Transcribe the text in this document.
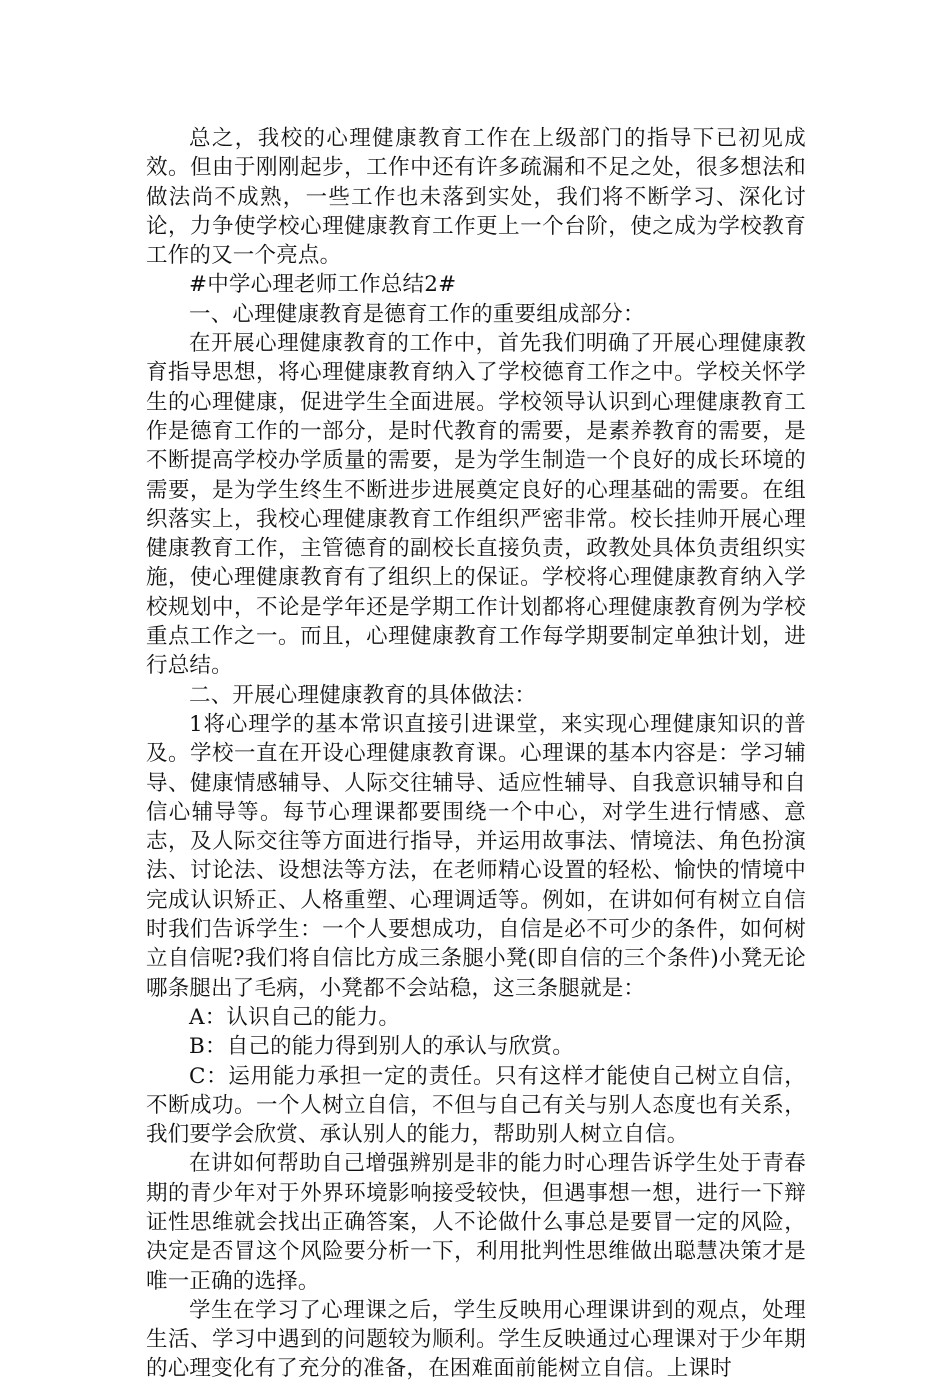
总之，我校的心理健康教育工作在上级部门的指导下已初见成效。但由于刚刚起步，工作中还有许多疏漏和不足之处，很多想法和做法尚不成熟，一些工作也未落到实处，我们将不断学习、深化讨论，力争使学校心理健康教育工作更上一个台阶，使之成为学校教育工作的又一个亮点。

#中学心理老师工作总结2#

一、心理健康教育是德育工作的重要组成部分：

在开展心理健康教育的工作中，首先我们明确了开展心理健康教育指导思想，将心理健康教育纳入了学校德育工作之中。学校关怀学生的心理健康，促进学生全面进展。学校领导认识到心理健康教育工作是德育工作的一部分，是时代教育的需要，是素养教育的需要，是不断提高学校办学质量的需要，是为学生制造一个良好的成长环境的需要，是为学生终生不断进步进展奠定良好的心理基础的需要。在组织落实上，我校心理健康教育工作组织严密非常。校长挂帅开展心理健康教育工作，主管德育的副校长直接负责，政教处具体负责组织实施，使心理健康教育有了组织上的保证。学校将心理健康教育纳入学校规划中，不论是学年还是学期工作计划都将心理健康教育例为学校重点工作之一。而且，心理健康教育工作每学期要制定单独计划，进行总结。

二、开展心理健康教育的具体做法：

1将心理学的基本常识直接引进课堂，来实现心理健康知识的普及。学校一直在开设心理健康教育课。心理课的基本内容是：学习辅导、健康情感辅导、人际交往辅导、适应性辅导、自我意识辅导和自信心辅导等。每节心理课都要围绕一个中心，对学生进行情感、意志，及人际交往等方面进行指导，并运用故事法、情境法、角色扮演法、讨论法、设想法等方法，在老师精心设置的轻松、愉快的情境中完成认识矫正、人格重塑、心理调适等。例如，在讲如何有树立自信时我们告诉学生：一个人要想成功，自信是必不可少的条件，如何树立自信呢?我们将自信比方成三条腿小凳(即自信的三个条件)小凳无论哪条腿出了毛病，小凳都不会站稳，这三条腿就是：

A：认识自己的能力。

B：自己的能力得到别人的承认与欣赏。

C：运用能力承担一定的责任。只有这样才能使自己树立自信，不断成功。一个人树立自信，不但与自己有关与别人态度也有关系，我们要学会欣赏、承认别人的能力，帮助别人树立自信。

在讲如何帮助自己增强辨别是非的能力时心理告诉学生处于青春期的青少年对于外界环境影响接受较快，但遇事想一想，进行一下辩证性思维就会找出正确答案，人不论做什么事总是要冒一定的风险，决定是否冒这个风险要分析一下，利用批判性思维做出聪慧决策才是唯一正确的选择。

学生在学习了心理课之后，学生反映用心理课讲到的观点，处理生活、学习中遇到的问题较为顺利。学生反映通过心理课对于少年期的心理变化有了充分的准备，在困难面前能树立自信。上课时
